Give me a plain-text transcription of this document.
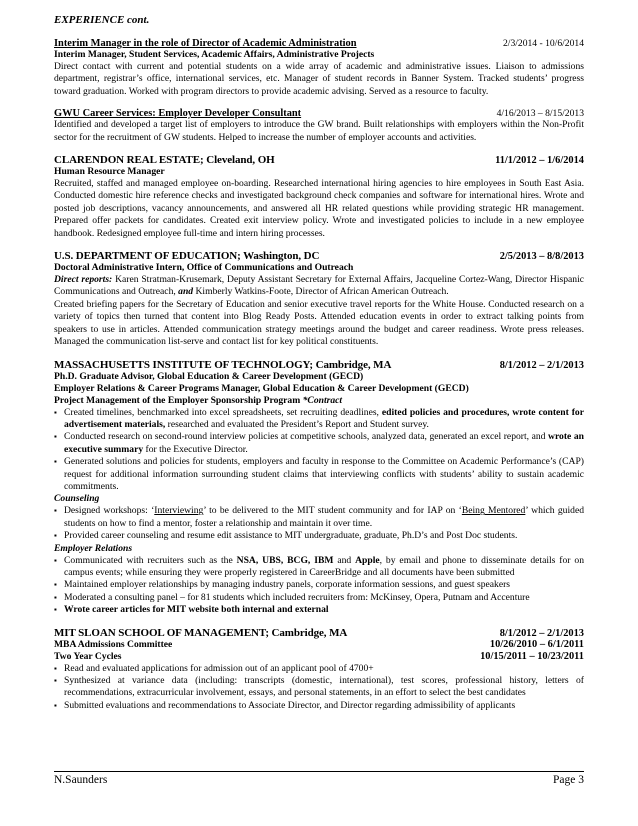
EXPERIENCE cont.
Interim Manager in the role of Director of Academic Administration	2/3/2014 - 10/6/2014
Interim Manager, Student Services, Academic Affairs, Administrative Projects

Direct contact with current and potential students on a wide array of academic and administrative issues. Liaison to admissions department, registrar’s office, international services, etc. Manager of student records in Banner System. Tracked students’ progress toward graduation. Worked with program directors to provide academic advising. Served as a resource to faculty.

GWU Career Services: Employer Developer Consultant	4/16/2013 – 8/15/2013

Identified and developed a target list of employers to introduce the GW brand. Built relationships with employers within the Non-Profit sector for the recruitment of GW students. Helped to increase the number of employer accounts and activities.

CLARENDON REAL ESTATE; Cleveland, OH	11/1/2012 – 1/6/2014
Human Resource Manager

Recruited, staffed and managed employee on-boarding. Researched international hiring agencies to hire employees in South East Asia. Conducted domestic hire reference checks and investigated background check companies and software for international hires. Wrote and posted job descriptions, vacancy announcements, and answered all HR related questions while providing strategic HR management. Prepared offer packets for candidates. Created exit interview policy. Wrote and investigated policies to include in a new employee handbook. Redesigned employee full-time and intern hiring processes.

U.S. DEPARTMENT OF EDUCATION; Washington, DC	2/5/2013 – 8/8/2013
Doctoral Administrative Intern, Office of Communications and Outreach

Direct reports: Karen Stratman-Krusemark, Deputy Assistant Secretary for External Affairs, Jacqueline Cortez-Wang, Director Hispanic Communications and Outreach, and Kimberly Watkins-Foote, Director of African American Outreach.

Created briefing papers for the Secretary of Education and senior executive travel reports for the White House. Conducted research on a variety of topics then turned that content into Blog Ready Posts. Attended education events in order to extract talking points from speakers to use in articles. Attended communication strategy meetings around the budget and career readiness. Wrote press releases. Managed the communication list-serve and contact list for key political constituents.

MASSACHUSETTS INSTITUTE OF TECHNOLOGY; Cambridge, MA	8/1/2012 – 2/1/2013
Ph.D. Graduate Advisor, Global Education & Career Development (GECD)
Employer Relations & Career Programs Manager, Global Education & Career Development (GECD)
Project Management of the Employer Sponsorship Program *Contract
▪ Created timelines, benchmarked into excel spreadsheets, set recruiting deadlines, edited policies and procedures, wrote content for advertisement materials, researched and evaluated the President’s Report and Student survey.
▪ Conducted research on second-round interview policies at competitive schools, analyzed data, generated an excel report, and wrote an executive summary for the Executive Director.
▪ Generated solutions and policies for students, employers and faculty in response to the Committee on Academic Performance’s (CAP) request for additional information surrounding student claims that interviewing conflicts with students’ ability to sustain academic commitments.
Counseling
▪ Designed workshops: ‘Interviewing’ to be delivered to the MIT student community and for IAP on ‘Being Mentored’ which guided students on how to find a mentor, foster a relationship and maintain it over time.
▪ Provided career counseling and resume edit assistance to MIT undergraduate, graduate, Ph.D’s and Post Doc students.
Employer Relations
▪ Communicated with recruiters such as the NSA, UBS, BCG, IBM and Apple, by email and phone to disseminate details for on campus events; while ensuring they were properly registered in CareerBridge and all documents have been submitted
▪ Maintained employer relationships by managing industry panels, corporate information sessions, and guest speakers
▪ Moderated a consulting panel – for 81 students which included recruiters from: McKinsey, Opera, Putnam and Accenture
▪ Wrote career articles for MIT website both internal and external
MIT SLOAN SCHOOL OF MANAGEMENT; Cambridge, MA	8/1/2012 – 2/1/2013
MBA Admissions Committee	10/26/2010 – 6/1/2011
Two Year Cycles	10/15/2011 – 10/23/2011
▪ Read and evaluated applications for admission out of an applicant pool of 4700+
▪ Synthesized at variance data (including: transcripts (domestic, international), test scores, professional history, letters of recommendations, extracurricular involvement, essays, and personal statements, in an effort to select the best candidates
▪ Submitted evaluations and recommendations to Associate Director, and Director regarding admissibility of applicants
N.Saunders	Page 3
